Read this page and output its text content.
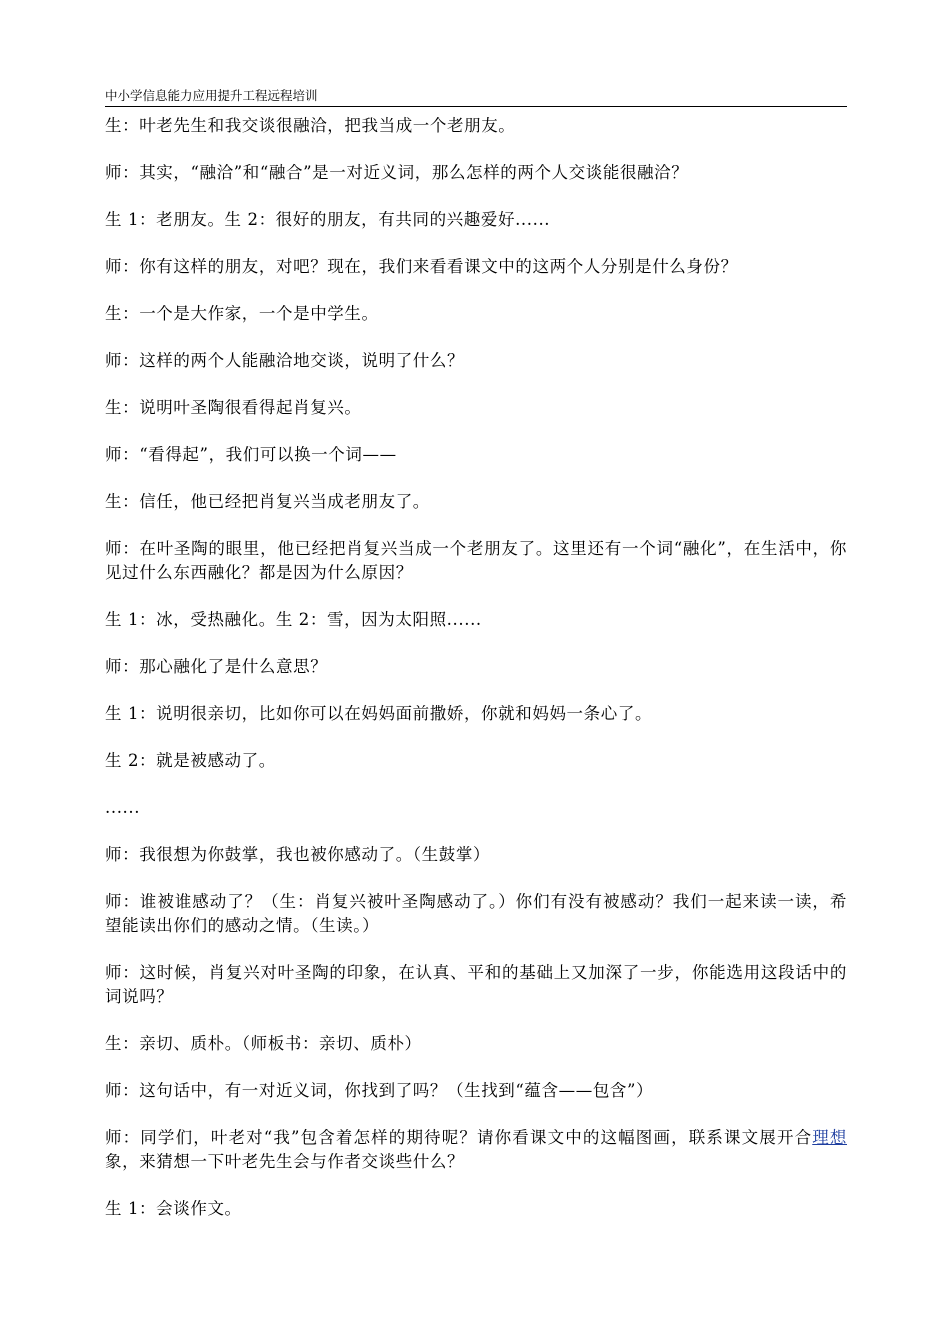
中小学信息能力应用提升工程远程培训

生：叶老先生和我交谈很融洽，把我当成一个老朋友。

师：其实，“融洽”和“融合”是一对近义词，那么怎样的两个人交谈能很融洽？

生 1：老朋友。生 2：很好的朋友，有共同的兴趣爱好......

师：你有这样的朋友，对吧？现在，我们来看看课文中的这两个人分别是什么身份？

生：一个是大作家，一个是中学生。

师：这样的两个人能融洽地交谈，说明了什么？

生：说明叶圣陶很看得起肖复兴。

师：“看得起”，我们可以换一个词——

生：信任，他已经把肖复兴当成老朋友了。

师：在叶圣陶的眼里，他已经把肖复兴当成一个老朋友了。这里还有一个词“融化”，在生活中，你见过什么东西融化？都是因为什么原因？

生 1：冰，受热融化。生 2：雪，因为太阳照......

师：那心融化了是什么意思？

生 1：说明很亲切，比如你可以在妈妈面前撒娇，你就和妈妈一条心了。

生 2：就是被感动了。

......

师：我很想为你鼓掌，我也被你感动了。（生鼓掌）

师：谁被谁感动了？（生：肖复兴被叶圣陶感动了。）你们有没有被感动？我们一起来读一读，希望能读出你们的感动之情。（生读。）

师：这时候，肖复兴对叶圣陶的印象，在认真、平和的基础上又加深了一步，你能选用这段话中的词说吗？

生：亲切、质朴。（师板书：亲切、质朴）

师：这句话中，有一对近义词，你找到了吗？（生找到“蕴含——包含”）

师：同学们，叶老对“我”包含着怎样的期待呢？请你看课文中的这幅图画，联系课文展开合理想象，来猜想一下叶老先生会与作者交谈些什么？

生 1：会谈作文。
